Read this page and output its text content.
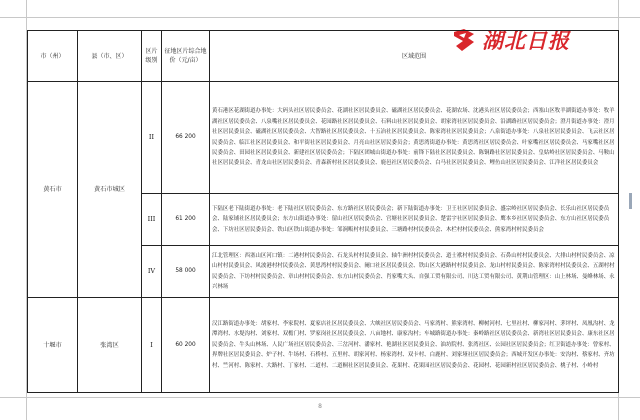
湖北日报
市（州）	县（市、区）	区片级别	征地区片综合地价（元/亩）	区域范围
黄石市	黄石市城区	II	66 200	黄石港区花湖街道办事处：大码头社区居民委员会、花湖社区居民委员会、磁湖社区居民委员会、花湖农场、沈港头社区居民委员会；西塞山区牧羊湖街道办事处：牧羊湖社区居民委员会、八泉嘴社区居民委员会、花园路社区居民委员会、石料山社区居民委员会、胡家湾社区居民委员会、沿湖路社区居民委员会；澄月街道办事处：澄月社区居民委员会、磁湖社区居民委员会、大智路社区居民委员会、十五冶社区居民委员会、陈家湾社区居民委员会；八泉街道办事处：八泉社区居民委员会、飞云社区居民委员会、临江社区居民委员会、和平街社区居民委员会、月亮山社区居民委员会；黄思湾街道办事处：黄思湾社区居民委员会、叶家嘴社区居民委员会、马家嘴社区居民委员会、田园社区居民委员会、新建社区居民委员会；下陆区团城山街道办事处：前锋下陆社区居民委员会、陈铜路社区居民委员会、皇姑岭社区居民委员会、马鞍山社区居民委员会、青龙山社区居民委员会、青森新村社区居民委员会、鹿邑社区居民委员会、白马社区居民委员会、鲤鱼山社区居民委员会、江洋社区居民委员会
		III	61 200	下陆区老下陆街道办事处：老下陆社区居民委员会、东方路社区居民委员会；新下陆街道办事处：卫王社区居民委员会、盛宗岭社区居民委员会、长乐山社区居民委员会、陆家铺社区居民委员会；东方山街道办事处：留山社区居民委员会、官塘社区居民委员会、楚雷宇社区居民委员会、鹰本乡社区居民委员会、东方山社区居民委员会、下坊社区居民委员会、铁山区铁山街道办事处：邹涧畈村村民委员会、三塘路村村民委员会、木栏村村民委员会、熊家湾村村民委员会
		IV	58 000	江北管理区：西塞山区河口镇：二港村村民委员会、石龙头村村民委员会、轴牛洲村村民委员会、道士袱村村民委员会、石鼻山村村民委员会、大排山村村民委员会、凉山村村民委员会、风波港村村民委员会、黄思湾村村民委员会、阑口社区居民委员会、铁山区大港路村村民委员会、龙山村村民委员会、陈家湾村村民委员会、五湖村村民委员会、下坊村村民委员会、章山村村民委员会、东方山村民委员会、肖家嘴大头、自强工贸有限公司、川达工贸有限公司、黄荆山管理区：山上林场、曼峰林场、永兴林场
十堰市	张湾区	I	60 200	汉江路街道办事处：胡家村、李家院村、夏家店社区居民委员会、大峡社区居民委员会、马家湾村、熊家湾村、柳树河村、七里社村、柳家河村、茅坪村、凤凰沟村、龙潭湾村、水堤沟村、刘家村、双檐门村、罗家岗社区居民委员会、八亩地村、康家沟村；车城路街道办事处：秦岭路社区居民委员会、新湾社区居民委员会、康东社区居民委员会、牛头山林场、人民广场社区居民委员会、三岔河村、潘家村、艳湖社区居民委员会、油坊院村、张湾社区、公园社区居民委员会；红卫街道办事处：曾家村、界牌社区居民委员会、炉子村、牛场村、石桥村、五里村、胡家河村、杨家湾村、双卡村、白鹿村、刘家垭社区居民委员会；西城开发区办事处：安沟村、蔡家村、齐坊村、竺河村、陈家村、大路村、丁家村、二道村、二道桐社区居民委员会、花果村、花果园社区居民委员会、花园村、花园新村社区居民委员会、桃子村、小岭村
8
